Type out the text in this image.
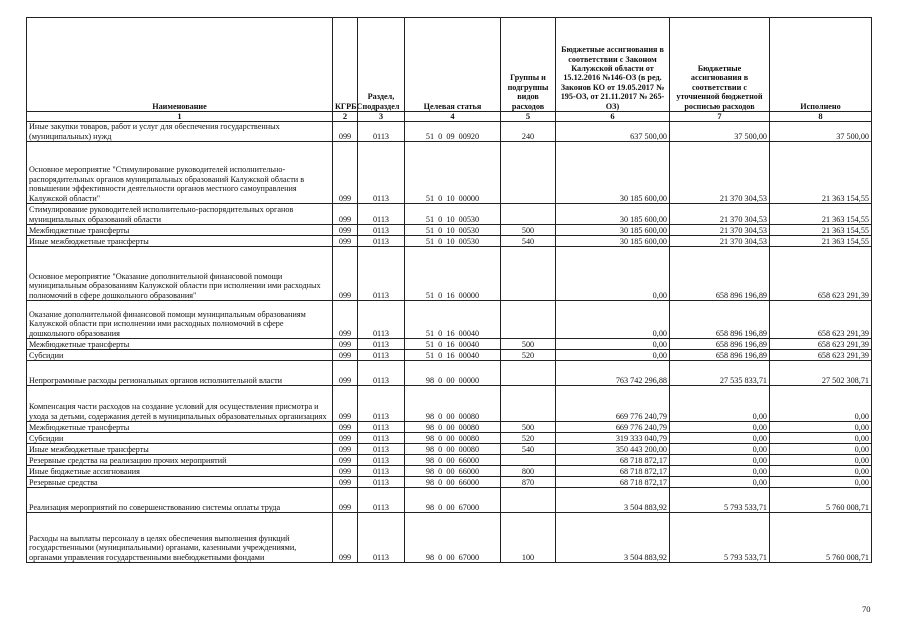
Наименование	КГРБС	Раздел, подраздел	Целевая статья	Группы и подгруппы видов расходов	Бюджетные ассигнования в соответствии с Законом Калужской области от 15.12.2016 №146-ОЗ (в ред. Законов КО от 19.05.2017 № 195-ОЗ, от 21.11.2017 № 265-ОЗ)	Бюджетные ассигнования в соответствии с уточненной бюджетной росписью расходов	Исполнено
1	2	3	4	5	6	7	8
Иные закупки товаров, работ и услуг для обеспечения государственных (муниципальных) нужд	099	0113	51  0  09  00920	240	637 500,00	37 500,00	37 500,00
Основное мероприятие "Стимулирование руководителей исполнительно-распорядительных органов муниципальных образований Калужской области в повышении эффективности деятельности органов местного самоуправления Калужской области"	099	0113	51  0  10  00000		30 185 600,00	21 370 304,53	21 363 154,55
Стимулирование руководителей исполнительно-распорядительных органов муниципальных образований области	099	0113	51  0  10  00530		30 185 600,00	21 370 304,53	21 363 154,55
Межбюджетные трансферты	099	0113	51  0  10  00530	500	30 185 600,00	21 370 304,53	21 363 154,55
Иные межбюджетные трансферты	099	0113	51  0  10  00530	540	30 185 600,00	21 370 304,53	21 363 154,55
Основное мероприятие "Оказание дополнительной финансовой помощи муниципальным образованиям Калужской области при исполнении ими расходных полномочий в сфере дошкольного образования"	099	0113	51  0  16  00000		0,00	658 896 196,89	658 623 291,39
Оказание дополнительной финансовой помощи муниципальным образованиям Калужской области при исполнении ими расходных полномочий в сфере дошкольного образования	099	0113	51  0  16  00040		0,00	658 896 196,89	658 623 291,39
Межбюджетные трансферты	099	0113	51  0  16  00040	500	0,00	658 896 196,89	658 623 291,39
Субсидии	099	0113	51  0  16  00040	520	0,00	658 896 196,89	658 623 291,39
Непрограммные расходы региональных органов исполнительной власти	099	0113	98  0  00  00000		763 742 296,88	27 535 833,71	27 502 308,71
Компенсация части расходов на создание условий для осуществления присмотра и ухода за детьми, содержания детей в муниципальных образовательных организациях	099	0113	98  0  00  00080		669 776 240,79	0,00	0,00
Межбюджетные трансферты	099	0113	98  0  00  00080	500	669 776 240,79	0,00	0,00
Субсидии	099	0113	98  0  00  00080	520	319 333 040,79	0,00	0,00
Иные межбюджетные трансферты	099	0113	98  0  00  00080	540	350 443 200,00	0,00	0,00
Резервные средства на реализацию прочих мероприятий	099	0113	98  0  00  66000		68 718 872,17	0,00	0,00
Иные бюджетные ассигнования	099	0113	98  0  00  66000	800	68 718 872,17	0,00	0,00
Резервные средства	099	0113	98  0  00  66000	870	68 718 872,17	0,00	0,00
Реализация мероприятий по совершенствованию системы оплаты труда	099	0113	98  0  00  67000		3 504 883,92	5 793 533,71	5 760 008,71
Расходы на выплаты персоналу в целях обеспечения выполнения функций государственными (муниципальными) органами, казенными учреждениями, органами управления государственными внебюджетными фондами	099	0113	98  0  00  67000	100	3 504 883,92	5 793 533,71	5 760 008,71
70
